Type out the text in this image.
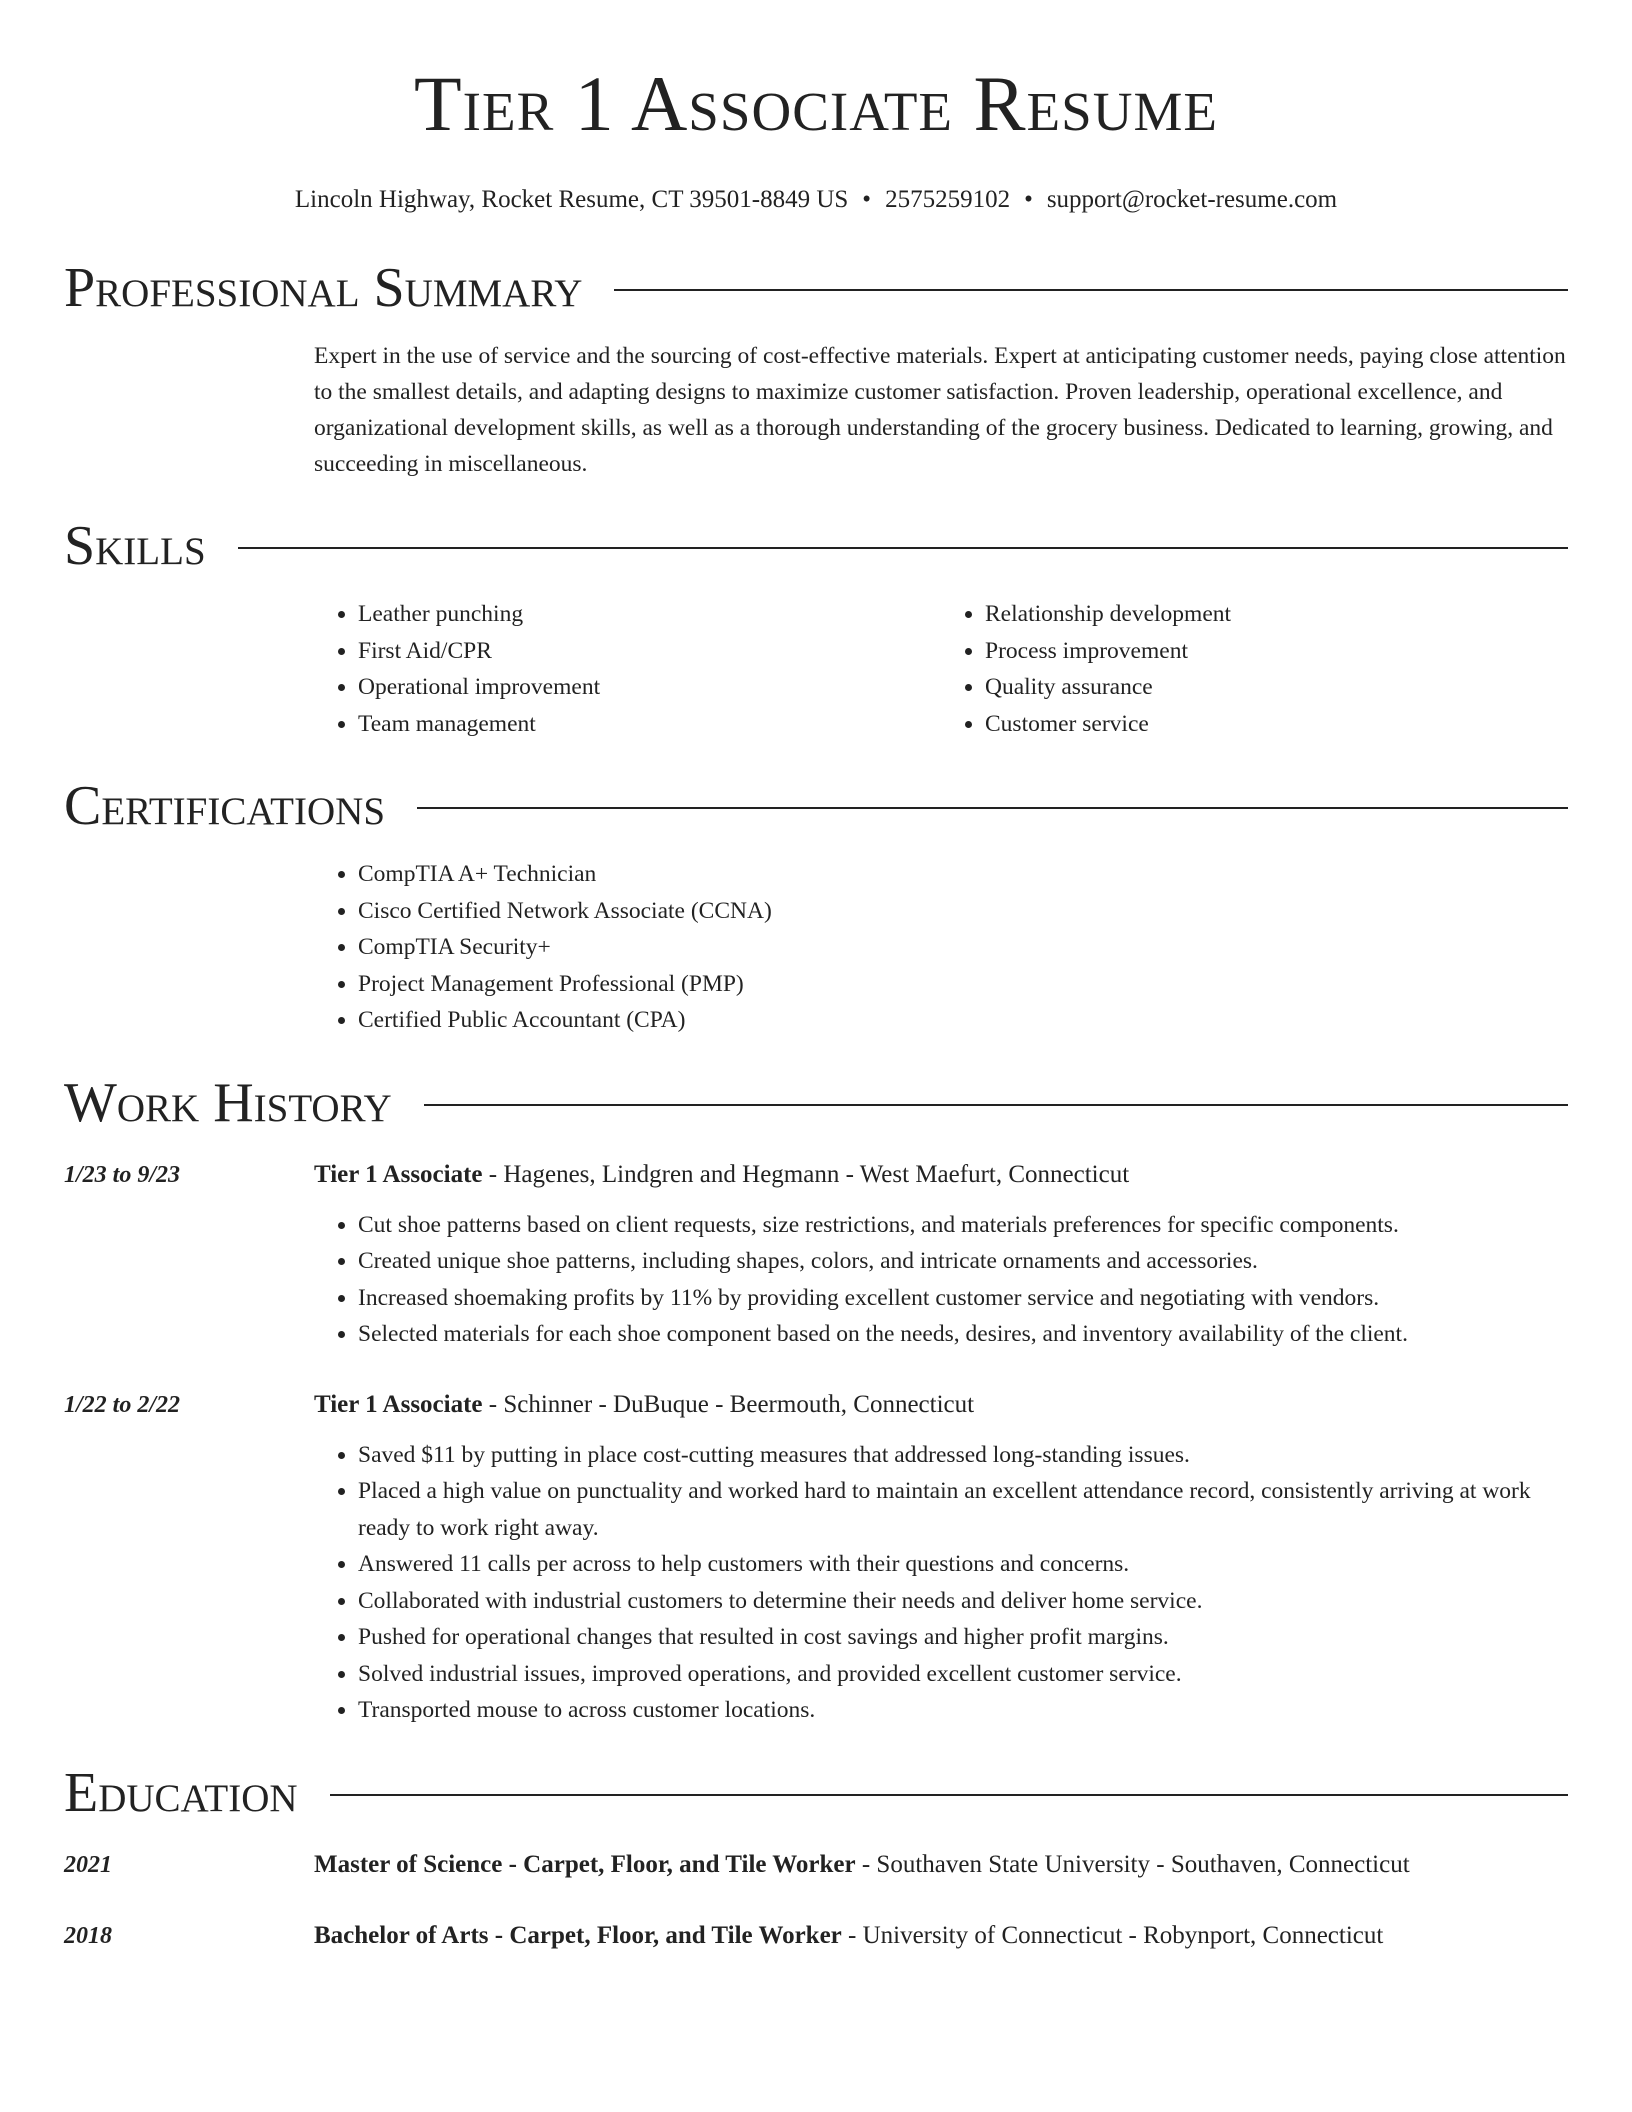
Tier 1 Associate Resume
Lincoln Highway, Rocket Resume, CT 39501-8849 US • 2575259102 • support@rocket-resume.com
Professional Summary
Expert in the use of service and the sourcing of cost-effective materials. Expert at anticipating customer needs, paying close attention to the smallest details, and adapting designs to maximize customer satisfaction. Proven leadership, operational excellence, and organizational development skills, as well as a thorough understanding of the grocery business. Dedicated to learning, growing, and succeeding in miscellaneous.
Skills
• Leather punching
• First Aid/CPR
• Operational improvement
• Team management
• Relationship development
• Process improvement
• Quality assurance
• Customer service
Certifications
• CompTIA A+ Technician
• Cisco Certified Network Associate (CCNA)
• CompTIA Security+
• Project Management Professional (PMP)
• Certified Public Accountant (CPA)
Work History
1/23 to 9/23	Tier 1 Associate - Hagenes, Lindgren and Hegmann - West Maefurt, Connecticut
• Cut shoe patterns based on client requests, size restrictions, and materials preferences for specific components.
• Created unique shoe patterns, including shapes, colors, and intricate ornaments and accessories.
• Increased shoemaking profits by 11% by providing excellent customer service and negotiating with vendors.
• Selected materials for each shoe component based on the needs, desires, and inventory availability of the client.
1/22 to 2/22	Tier 1 Associate - Schinner - DuBuque - Beermouth, Connecticut
• Saved $11 by putting in place cost-cutting measures that addressed long-standing issues.
• Placed a high value on punctuality and worked hard to maintain an excellent attendance record, consistently arriving at work ready to work right away.
• Answered 11 calls per across to help customers with their questions and concerns.
• Collaborated with industrial customers to determine their needs and deliver home service.
• Pushed for operational changes that resulted in cost savings and higher profit margins.
• Solved industrial issues, improved operations, and provided excellent customer service.
• Transported mouse to across customer locations.
Education
2021	Master of Science - Carpet, Floor, and Tile Worker - Southaven State University - Southaven, Connecticut
2018	Bachelor of Arts - Carpet, Floor, and Tile Worker - University of Connecticut - Robynport, Connecticut
